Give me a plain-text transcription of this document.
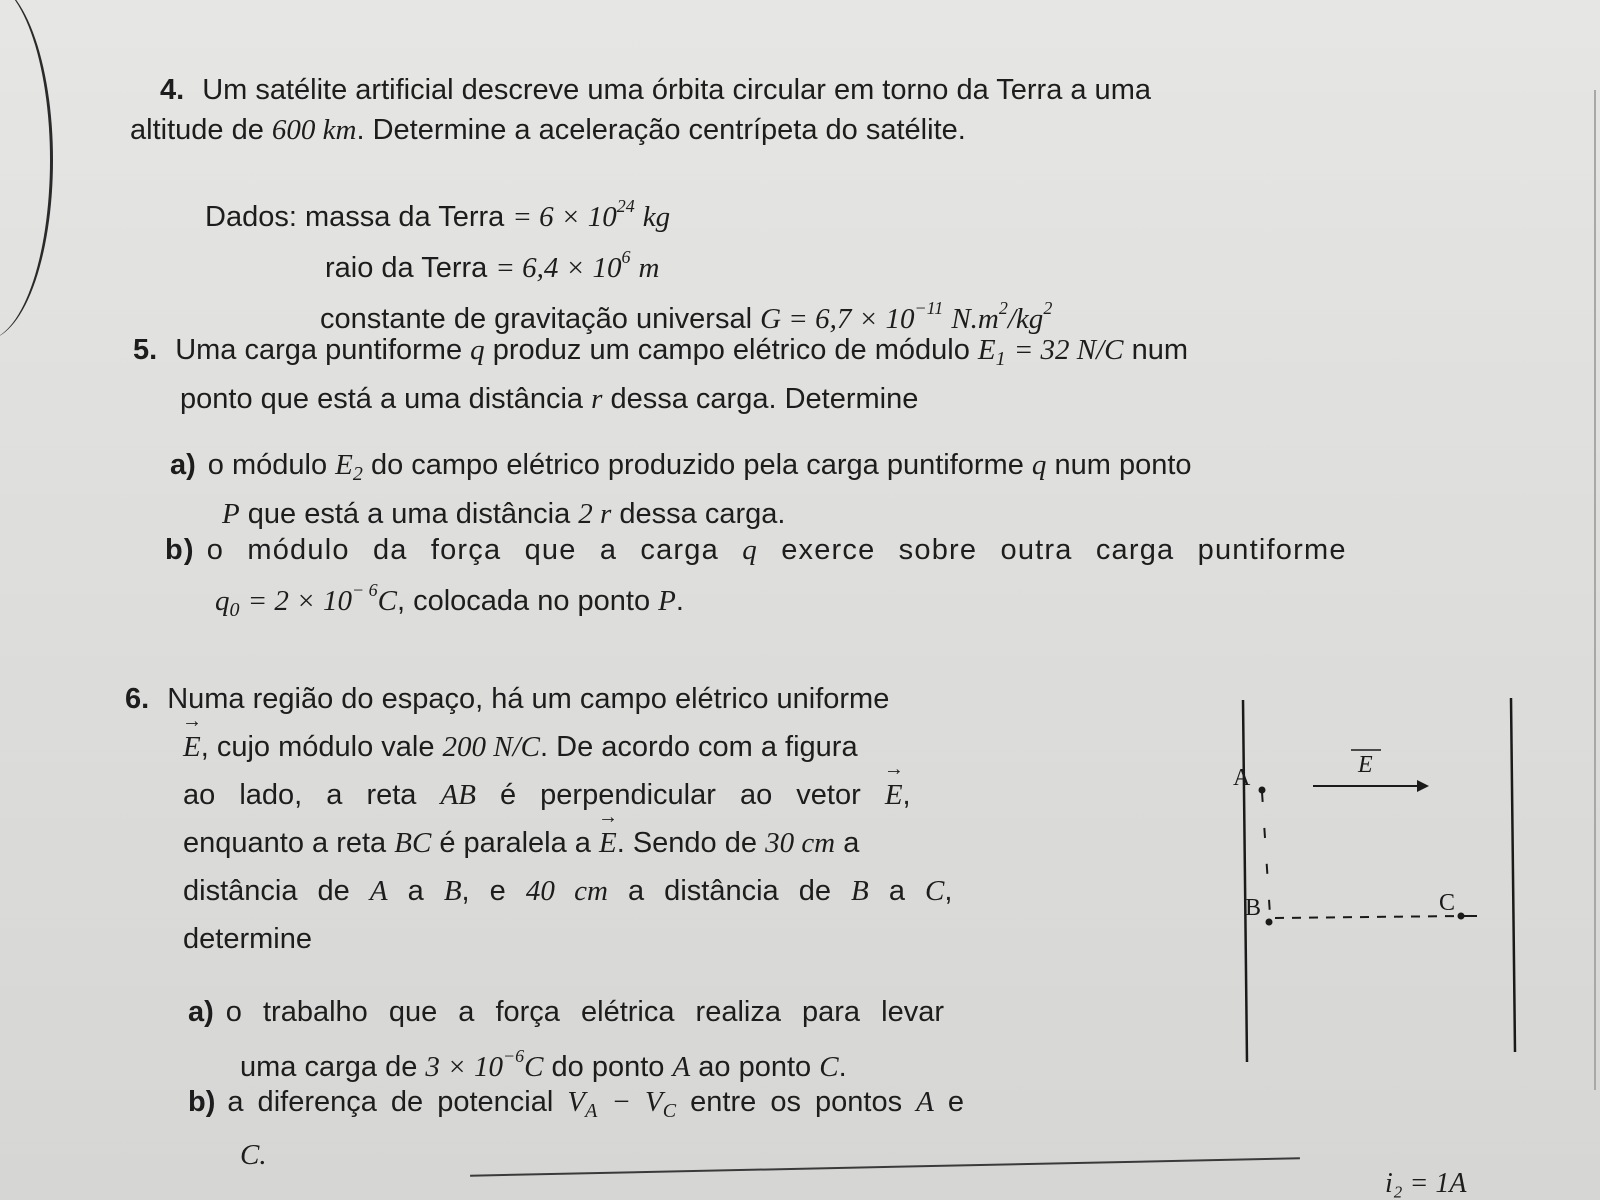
4. Um satélite artificial descreve uma órbita circular em torno da Terra a uma
altitude de 600 km. Determine a aceleração centrípeta do satélite.
Dados: massa da Terra = $6 \times 10^{24}$ kg
raio da Terra = $6,4 \times 10^6$ m
constante de gravitação universal $G = 6,7 \times 10^{-11}$ $N.m^2/kg^2$
5. Uma carga puntiforme q produz um campo elétrico de módulo $E_1 = 32$ N/C num
ponto que está a uma distância r dessa carga. Determine
a) o módulo $E_2$ do campo elétrico produzido pela carga puntiforme q num ponto
P que está a uma distância 2 r dessa carga.
b) o módulo da força que a carga q exerce sobre outra carga puntiforme
$q_0 = 2 \times 10^{- 6}C$, colocada no ponto P.
6. Numa região do espaço, há um campo elétrico uniforme
→ E, cujo módulo vale 200 N/C. De acordo com a figura
ao lado, a reta AB é perpendicular ao vetor → E,
enquanto a reta BC é paralela a → E. Sendo de 30 cm a
distância de A a B, e 40 cm a distância de B a C,
determine
a) o trabalho que a força elétrica realiza para levar
uma carga de $3 \times 10^{-6}C$ do ponto A ao ponto C.
b) a diferença de potencial $V_A - V_C$ entre os pontos A e
C.
E
A
B	C
i₂ = 1A
